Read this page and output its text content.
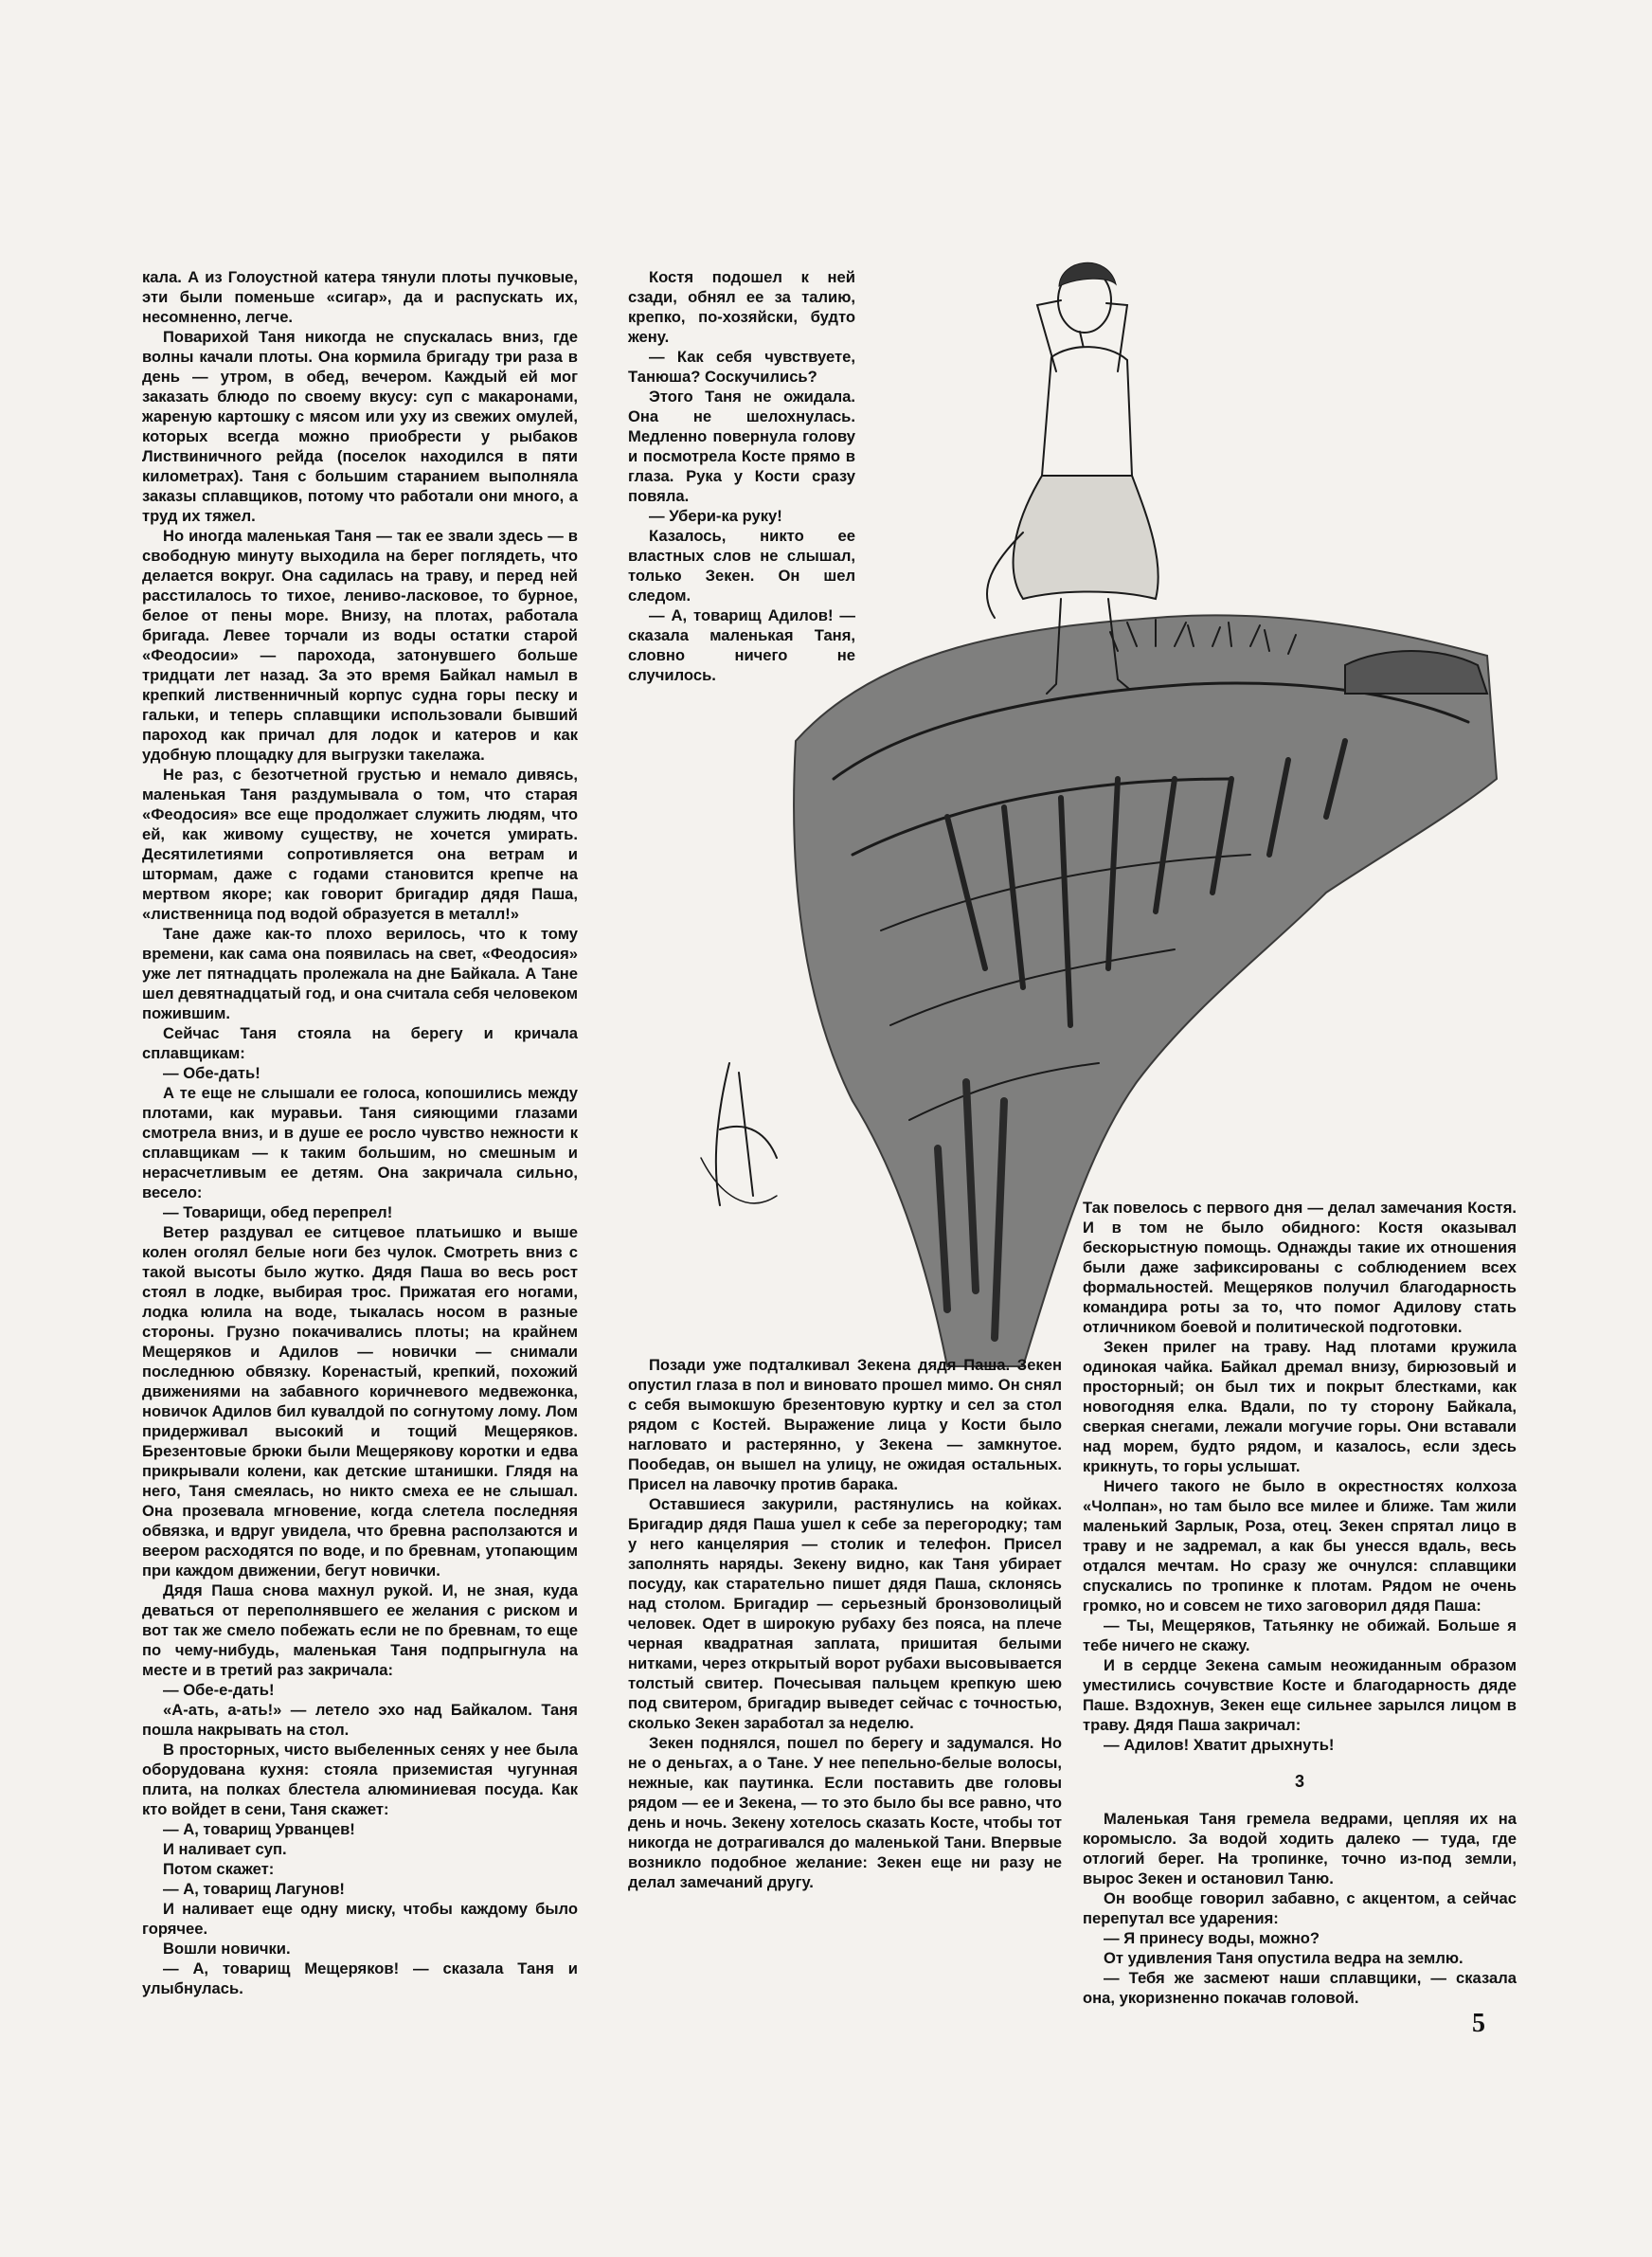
кала. А из Голоустной катера тянули плоты пучковые, эти были поменьше «сигар», да и распускать их, несомненно, легче.

Поварихой Таня никогда не спускалась вниз, где волны качали плоты. Она кормила бригаду три раза в день — утром, в обед, вечером. Каждый ей мог заказать блюдо по своему вкусу: суп с макаронами, жареную картошку с мясом или уху из свежих омулей, которых всегда можно приобрести у рыбаков Листвиничного рейда (поселок находился в пяти километрах). Таня с большим старанием выполняла заказы сплавщиков, потому что работали они много, а труд их тяжел.

Но иногда маленькая Таня — так ее звали здесь — в свободную минуту выходила на берег поглядеть, что делается вокруг. Она садилась на траву, и перед ней расстилалось то тихое, лениво-ласковое, то бурное, белое от пены море. Внизу, на плотах, работала бригада. Левее торчали из воды остатки старой «Феодосии» — парохода, затонувшего больше тридцати лет назад. За это время Байкал намыл в крепкий лиственничный корпус судна горы песку и гальки, и теперь сплавщики использовали бывший пароход как причал для лодок и катеров и как удобную площадку для выгрузки такелажа.

Не раз, с безотчетной грустью и немало дивясь, маленькая Таня раздумывала о том, что старая «Феодосия» все еще продолжает служить людям, что ей, как живому существу, не хочется умирать. Десятилетиями сопротивляется она ветрам и штормам, даже с годами становится крепче на мертвом якоре; как говорит бригадир дядя Паша, «лиственница под водой образуется в металл!»

Тане даже как-то плохо верилось, что к тому времени, как сама она появилась на свет, «Феодосия» уже лет пятнадцать пролежала на дне Байкала. А Тане шел девятнадцатый год, и она считала себя человеком пожившим.

Сейчас Таня стояла на берегу и кричала сплавщикам:

— Обе-дать!

А те еще не слышали ее голоса, копошились между плотами, как муравьи. Таня сияющими глазами смотрела вниз, и в душе ее росло чувство нежности к сплавщикам — к таким большим, но смешным и нерасчетливым ее детям. Она закричала сильно, весело:

— Товарищи, обед перепрел!

Ветер раздувал ее ситцевое платьишко и выше колен оголял белые ноги без чулок. Смотреть вниз с такой высоты было жутко. Дядя Паша во весь рост стоял в лодке, выбирая трос. Прижатая его ногами, лодка юлила на воде, тыкалась носом в разные стороны. Грузно покачивались плоты; на крайнем Мещеряков и Адилов — новички — снимали последнюю обвязку. Коренастый, крепкий, похожий движениями на забавного коричневого медвежонка, новичок Адилов бил кувалдой по согнутому ломy. Лом придерживал высокий и тощий Мещеряков. Брезентовые брюки были Мещерякову коротки и едва прикрывали колени, как детские штанишки. Глядя на него, Таня смеялась, но никто смеха ее не слышал. Она прозевала мгновение, когда слетела последняя обвязка, и вдруг увидела, что бревна расползаются и веером расходятся по воде, и по бревнам, утопающим при каждом движении, бегут новички.

Дядя Паша снова махнул рукой. И, не зная, куда деваться от переполнявшего ее желания с риском и вот так же смело побежать если не по бревнам, то еще по чему-нибудь, маленькая Таня подпрыгнула на месте и в третий раз закричала:

— Обе-е-дать!

«А-ать, а-ать!» — летело эхо над Байкалом. Таня пошла накрывать на стол.

В просторных, чисто выбеленных сенях у нее была оборудована кухня: стояла приземистая чугунная плита, на полках блестела алюминиевая посуда. Как кто войдет в сени, Таня скажет:

— А, товарищ Урванцев!

И наливает суп.

Потом скажет:

— А, товарищ Лагунов!

И наливает еще одну миску, чтобы каждому было горячее.

Вошли новички.

— А, товарищ Мещеряков! — сказала Таня и улыбнулась.

Костя подошел к ней сзади, обнял ее за талию, крепко, по-хозяйски, будто жену.

— Как себя чувствуете, Танюша? Соскучились?

Этого Таня не ожидала. Она не шелохнулась. Медленно повернула голову и посмотрела Косте прямо в глаза. Рука у Кости сразу повяла.

— Убери-ка руку!

Казалось, никто ее властных слов не слышал, только Зекен. Он шел следом.

— А, товарищ Адилов! — сказала маленькая Таня, словно ничего не случилось.

Позади уже подталкивал Зекена дядя Паша. Зекен опустил глаза в пол и виновато прошел мимо. Он снял с себя вымокшую брезентовую куртку и сел за стол рядом с Костей. Выражение лица у Кости было нагловато и растерянно, у Зекена — замкнутое. Пообедав, он вышел на улицу, не ожидая остальных. Присел на лавочку против барака.

Оставшиеся закурили, растянулись на койках. Бригадир дядя Паша ушел к себе за перегородку; там у него канцелярия — столик и телефон. Присел заполнять наряды. Зекену видно, как Таня убирает посуду, как старательно пишет дядя Паша, склонясь над столом. Бригадир — серьезный бронзоволицый человек. Одет в широкую рубаху без пояса, на плече черная квадратная заплата, пришитая белыми нитками, через открытый ворот рубахи высовывается толстый свитер. Почесывая пальцем крепкую шею под свитером, бригадир выведет сейчас с точностью, сколько Зекен заработал за неделю.

Зекен поднялся, пошел по берегу и задумался. Но не о деньгах, а о Тане. У нее пепельно-белые волосы, нежные, как паутинка. Если поставить две головы рядом — ее и Зекена, — то это было бы все равно, что день и ночь. Зекену хотелось сказать Косте, чтобы тот никогда не дотрагивался до маленькой Тани. Впервые возникло подобное желание: Зекен еще ни разу не делал замечаний другу.

Так повелось с первого дня — делал замечания Костя. И в том не было обидного: Костя оказывал бескорыстную помощь. Однажды такие их отношения были даже зафиксированы с соблюдением всех формальностей. Мещеряков получил благодарность командира роты за то, что помог Адилову стать отличником боевой и политической подготовки.

Зекен прилег на траву. Над плотами кружила одинокая чайка. Байкал дремал внизу, бирюзовый и просторный; он был тих и покрыт блестками, как новогодняя елка. Вдали, по ту сторону Байкала, сверкая снегами, лежали могучие горы. Они вставали над морем, будто рядом, и казалось, если здесь крикнуть, то горы услышат.

Ничего такого не было в окрестностях колхоза «Чолпан», но там было все милее и ближе. Там жили маленький Зарлык, Роза, отец. Зекен спрятал лицо в траву и не задремал, а как бы унесся вдаль, весь отдался мечтам. Но сразу же очнулся: сплавщики спускались по тропинке к плотам. Рядом не очень громко, но и совсем не тихо заговорил дядя Паша:

— Ты, Мещеряков, Татьянку не обижай. Больше я тебе ничего не скажу.

И в сердце Зекена самым неожиданным образом уместились сочувствие Косте и благодарность дяде Паше. Вздохнув, Зекен еще сильнее зарылся лицом в траву. Дядя Паша закричал:

— Адилов! Хватит дрыхнуть!

3

Маленькая Таня гремела ведрами, цепляя их на коромысло. За водой ходить далеко — туда, где отлогий берег. На тропинке, точно из-под земли, вырос Зекен и остановил Таню.

Он вообще говорил забавно, с акцентом, а сейчас перепутал все ударения:

— Я принесу воды, можно?

От удивления Таня опустила ведра на землю.

— Тебя же засмеют наши сплавщики, — сказала она, укоризненно покачав головой.

5
